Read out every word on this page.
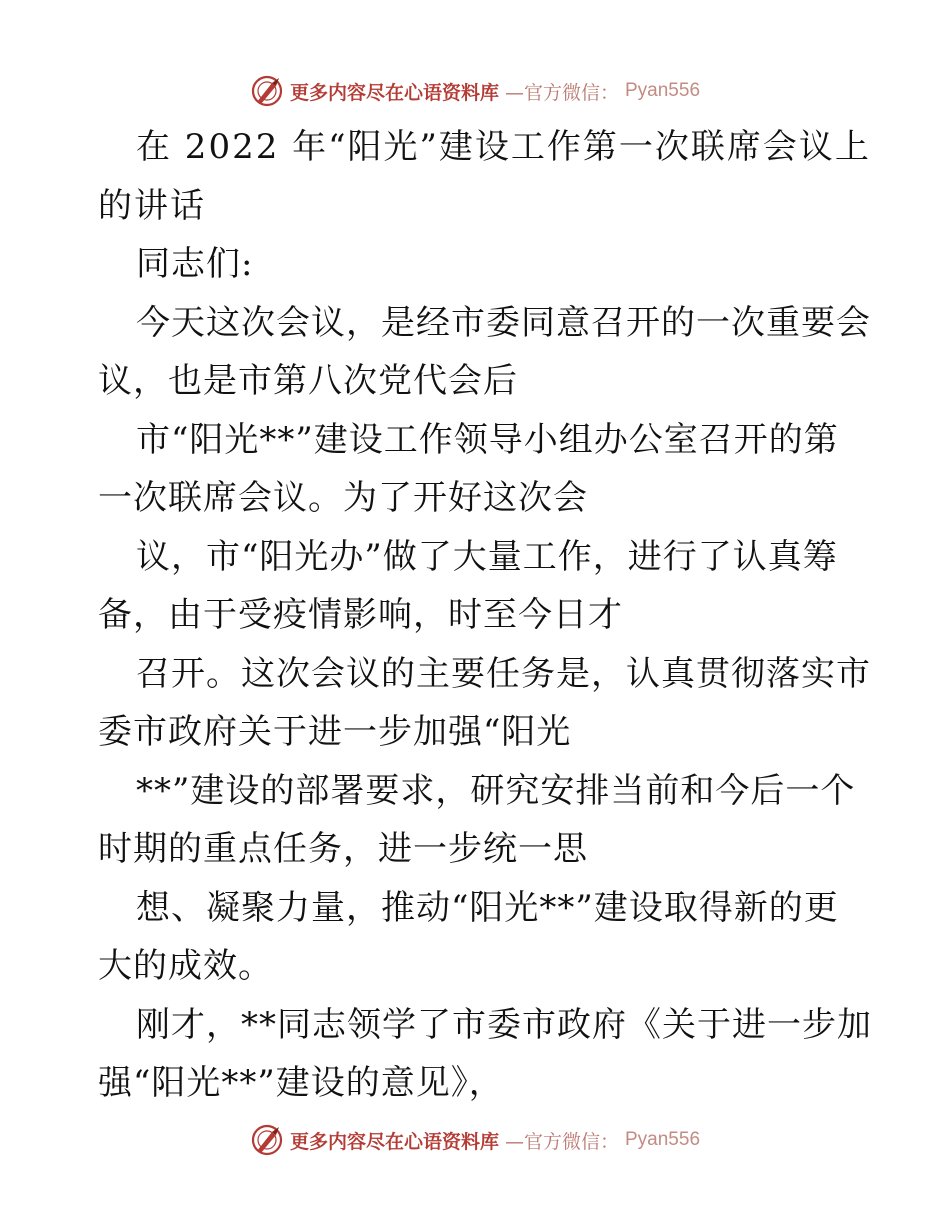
更多内容尽在心语资料库 —官方微信： Pyan556
在 2022 年“阳光”建设工作第一次联席会议上
的讲话
同志们:
今天这次会议，是经市委同意召开的一次重要会
议，也是市第八次党代会后
市“阳光**”建设工作领导小组办公室召开的第
一次联席会议。为了开好这次会
议，市“阳光办”做了大量工作，进行了认真筹
备，由于受疫情影响，时至今日才
召开。这次会议的主要任务是，认真贯彻落实市
委市政府关于进一步加强“阳光
**”建设的部署要求，研究安排当前和今后一个
时期的重点任务，进一步统一思
想、凝聚力量，推动“阳光**”建设取得新的更
大的成效。
刚才，**同志领学了市委市政府《关于进一步加
强“阳光**”建设的意见》，
更多内容尽在心语资料库 —官方微信： Pyan556
